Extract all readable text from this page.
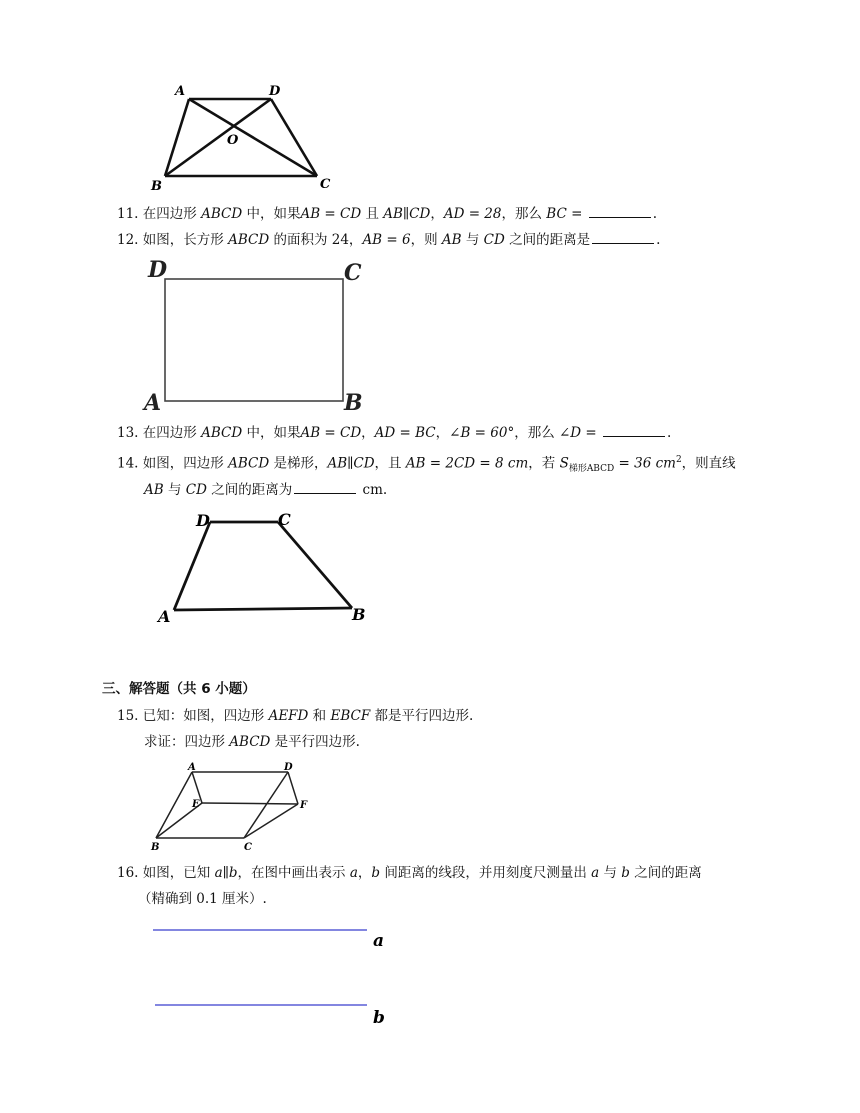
A	D
O
B	C
11. 在四边形 ABCD 中，如果AB = CD 且 AB∥CD，AD = 28，那么 BC =	.
12. 如图，长方形 ABCD 的面积为 24，AB = 6，则 AB 与 CD 之间的距离是	.
D	C
A	B
13. 在四边形 ABCD 中，如果AB = CD，AD = BC，∠B = 60°，那么 ∠D =	.
14. 如图，四边形 ABCD 是梯形，AB∥CD，且 AB = 2CD = 8 cm，若 $S_{梯形ABCD} = 36$ $cm^2$，则直线
AB 与 CD 之间的距离为	cm.
D	C
A	B
三、解答题（共 6 小题）
15. 已知：如图，四边形 AEFD 和 EBCF 都是平行四边形.
求证：四边形 ABCD 是平行四边形.
A	D
E	F
B	C
16. 如图，已知 a∥b，在图中画出表示 a，b 间距离的线段，并用刻度尺测量出 a 与 b 之间的距离
（精确到 0.1 厘米）.
a
b
